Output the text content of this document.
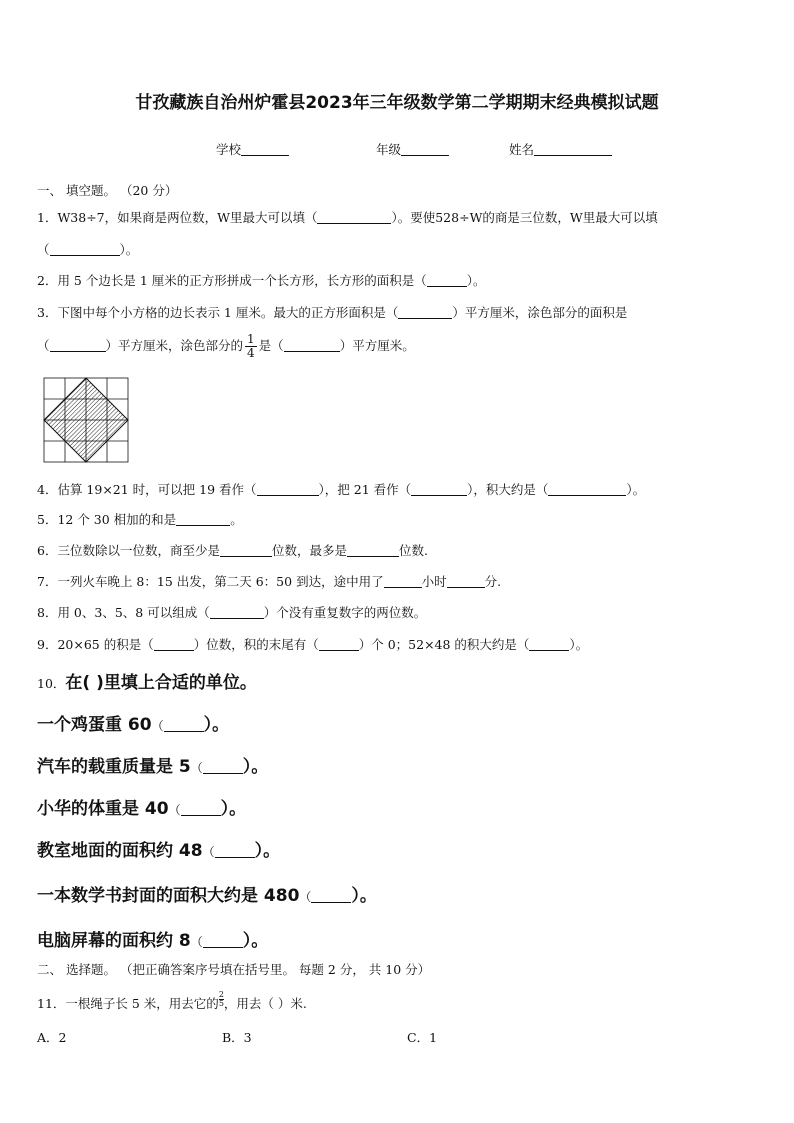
甘孜藏族自治州炉霍县2023年三年级数学第二学期期末经典模拟试题
学校	年级	姓名
一、 填空题。 （20 分）
1．W38÷7，如果商是两位数，W里最大可以填（	）。要使528÷W的商是三位数，W里最大可以填
（	）。
2．用 5 个边长是 1 厘米的正方形拼成一个长方形，长方形的面积是（	）。
3．下图中每个小方格的边长表示 1 厘米。最大的正方形面积是（	）平方厘米，涂色部分的面积是
（	）平方厘米，涂色部分的 $\frac{1}{4}$ 是（	）平方厘米。
4．估算 19×21 时，可以把 19 看作（	），把 21 看作（	），积大约是（	）。
5．12 个 30 相加的和是	。
6．三位数除以一位数，商至少是	位数，最多是	位数.
7．一列火车晚上 8：15 出发，第二天 6：50 到达，途中用了	小时	分.
8．用 0、3、5、8 可以组成（	）个没有重复数字的两位数。
9．20×65 的积是（	）位数，积的末尾有（	）个 0；52×48 的积大约是（	）。
10．在( )里填上合适的单位。
一个鸡蛋重 60（ ）。
汽车的载重质量是 5（ ）。
小华的体重是 40（ ）。
教室地面的面积约 48（ ）。
一本数学书封面的面积大约是 480（ ）。
电脑屏幕的面积约 8（ ）。
二、 选择题。 （把正确答案序号填在括号里。 每题 2 分， 共 10 分）
11．一根绳子长 5 米，用去它的 $\frac{2}{5}$，用去（ ）米.
A．2	B．3	C．1
